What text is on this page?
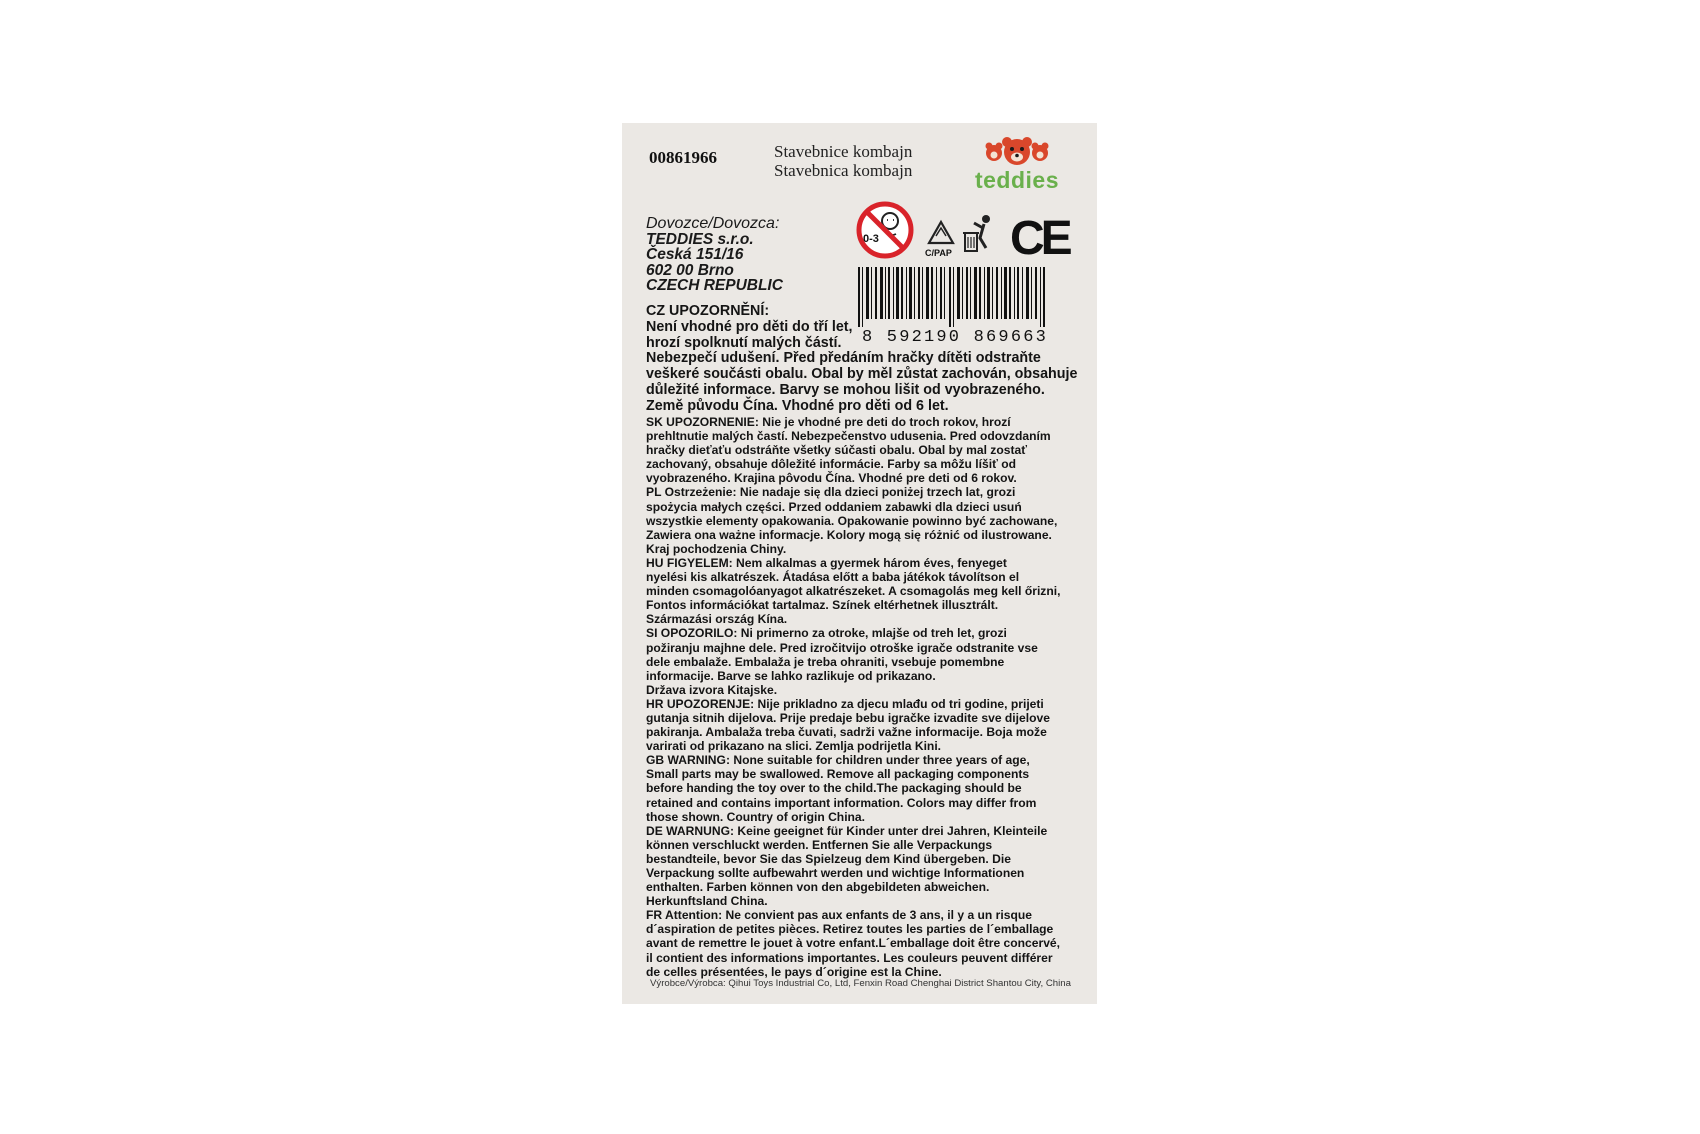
00861966	Stavebnice kombajn
Stavebnica kombajn	teddies
Dovozce/Dovozca:
TEDDIES s.r.o.
Česká 151/16
602 00 Brno
CZECH REPUBLIC
0-3
C/PAP CE
8 592190 869663
CZ UPOZORNĚNÍ:
Není vhodné pro děti do tří let,
hrozí spolknutí malých částí.
Nebezpečí udušení. Před předáním hračky dítěti odstraňte
veškeré součásti obalu. Obal by měl zůstat zachován, obsahuje
důležité informace. Barvy se mohou lišit od vyobrazeného.
Země původu Čína. Vhodné pro děti od 6 let.
SK UPOZORNENIE: Nie je vhodné pre deti do troch rokov, hrozí
prehltnutie malých častí. Nebezpečenstvo udusenia. Pred odovzdaním
hračky dieťaťu odstráňte všetky súčasti obalu. Obal by mal zostať
zachovaný, obsahuje dôležité informácie. Farby sa môžu líšiť od
vyobrazeného. Krajina pôvodu Čína. Vhodné pre deti od 6 rokov.
PL Ostrzeżenie: Nie nadaje się dla dzieci poniżej trzech lat, grozi
spożycia małych części. Przed oddaniem zabawki dla dzieci usuń
wszystkie elementy opakowania. Opakowanie powinno być zachowane,
Zawiera ona ważne informacje. Kolory mogą się różnić od ilustrowane.
Kraj pochodzenia Chiny.
HU FIGYELEM: Nem alkalmas a gyermek három éves, fenyeget
nyelési kis alkatrészek. Átadása előtt a baba játékok távolítson el
minden csomagolóanyagot alkatrészeket. A csomagolás meg kell őrizni,
Fontos információkat tartalmaz. Színek eltérhetnek illusztrált.
Származási ország Kína.
SI OPOZORILO: Ni primerno za otroke, mlajše od treh let, grozi
požiranju majhne dele. Pred izročitvijo otroške igrače odstranite vse
dele embalaže. Embalaža je treba ohraniti, vsebuje pomembne
informacije. Barve se lahko razlikuje od prikazano.
Država izvora Kitajske.
HR UPOZORENJE: Nije prikladno za djecu mlađu od tri godine, prijeti
gutanja sitnih dijelova. Prije predaje bebu igračke izvadite sve dijelove
pakiranja. Ambalaža treba čuvati, sadrži važne informacije. Boja može
varirati od prikazano na slici. Zemlja podrijetla Kini.
GB WARNING: None suitable for children under three years of age,
Small parts may be swallowed. Remove all packaging components
before handing the toy over to the child.The packaging should be
retained and contains important information. Colors may differ from
those shown. Country of origin China.
DE WARNUNG: Keine geeignet für Kinder unter drei Jahren, Kleinteile
können verschluckt werden. Entfernen Sie alle Verpackungs
bestandteile, bevor Sie das Spielzeug dem Kind übergeben. Die
Verpackung sollte aufbewahrt werden und wichtige Informationen
enthalten. Farben können von den abgebildeten abweichen.
Herkunftsland China.
FR Attention: Ne convient pas aux enfants de 3 ans, il y a un risque
d´aspiration de petites pièces. Retirez toutes les parties de l´emballage
avant de remettre le jouet à votre enfant.L´emballage doit être concervé,
il contient des informations importantes. Les couleurs peuvent différer
de celles présentées, le pays d´origine est la Chine.
Výrobce/Výrobca: Qihui Toys Industrial Co, Ltd, Fenxin Road Chenghai District Shantou City, China
